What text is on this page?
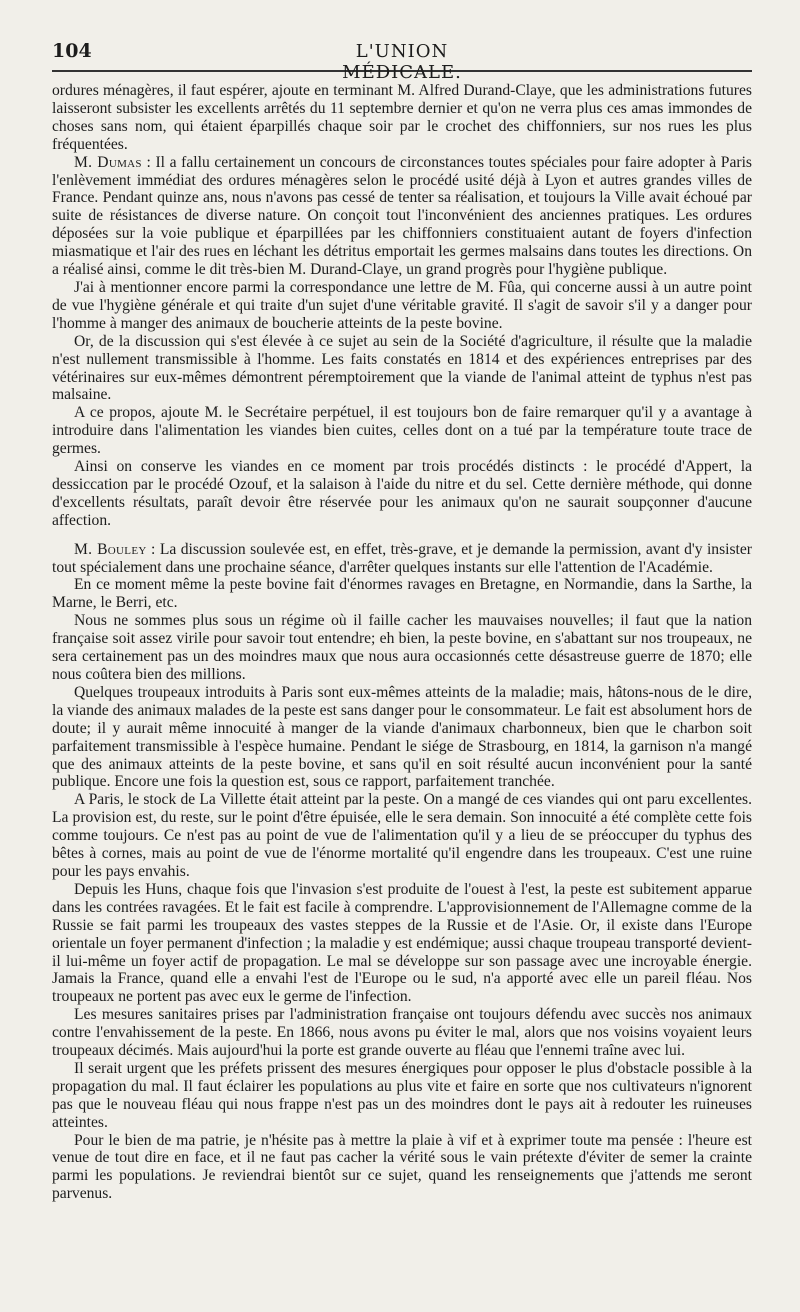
104	L'UNION MÉDICALE.

ordures ménagères, il faut espérer, ajoute en terminant M. Alfred Durand-Claye, que les administrations futures laisseront subsister les excellents arrêtés du 11 septembre dernier et qu'on ne verra plus ces amas immondes de choses sans nom, qui étaient éparpillés chaque soir par le crochet des chiffonniers, sur nos rues les plus fréquentées.

M. Dumas : Il a fallu certainement un concours de circonstances toutes spéciales pour faire adopter à Paris l'enlèvement immédiat des ordures ménagères selon le procédé usité déjà à Lyon et autres grandes villes de France. Pendant quinze ans, nous n'avons pas cessé de tenter sa réalisation, et toujours la Ville avait échoué par suite de résistances de diverse nature. On conçoit tout l'inconvénient des anciennes pratiques. Les ordures déposées sur la voie publique et éparpillées par les chiffonniers constituaient autant de foyers d'infection miasmatique et l'air des rues en léchant les détritus emportait les germes malsains dans toutes les directions. On a réalisé ainsi, comme le dit très-bien M. Durand-Claye, un grand progrès pour l'hygiène publique.

J'ai à mentionner encore parmi la correspondance une lettre de M. Fûa, qui concerne aussi à un autre point de vue l'hygiène générale et qui traite d'un sujet d'une véritable gravité. Il s'agit de savoir s'il y a danger pour l'homme à manger des animaux de boucherie atteints de la peste bovine.

Or, de la discussion qui s'est élevée à ce sujet au sein de la Société d'agriculture, il résulte que la maladie n'est nullement transmissible à l'homme. Les faits constatés en 1814 et des expériences entreprises par des vétérinaires sur eux-mêmes démontrent péremptoirement que la viande de l'animal atteint de typhus n'est pas malsaine.

A ce propos, ajoute M. le Secrétaire perpétuel, il est toujours bon de faire remarquer qu'il y a avantage à introduire dans l'alimentation les viandes bien cuites, celles dont on a tué par la température toute trace de germes.

Ainsi on conserve les viandes en ce moment par trois procédés distincts : le procédé d'Appert, la dessiccation par le procédé Ozouf, et la salaison à l'aide du nitre et du sel. Cette dernière méthode, qui donne d'excellents résultats, paraît devoir être réservée pour les animaux qu'on ne saurait soupçonner d'aucune affection.

M. Bouley : La discussion soulevée est, en effet, très-grave, et je demande la permission, avant d'y insister tout spécialement dans une prochaine séance, d'arrêter quelques instants sur elle l'attention de l'Académie.

En ce moment même la peste bovine fait d'énormes ravages en Bretagne, en Normandie, dans la Sarthe, la Marne, le Berri, etc.

Nous ne sommes plus sous un régime où il faille cacher les mauvaises nouvelles; il faut que la nation française soit assez virile pour savoir tout entendre; eh bien, la peste bovine, en s'abattant sur nos troupeaux, ne sera certainement pas un des moindres maux que nous aura occasionnés cette désastreuse guerre de 1870; elle nous coûtera bien des millions.

Quelques troupeaux introduits à Paris sont eux-mêmes atteints de la maladie; mais, hâtons-nous de le dire, la viande des animaux malades de la peste est sans danger pour le consommateur. Le fait est absolument hors de doute; il y aurait même innocuité à manger de la viande d'animaux charbonneux, bien que le charbon soit parfaitement transmissible à l'espèce humaine. Pendant le siége de Strasbourg, en 1814, la garnison n'a mangé que des animaux atteints de la peste bovine, et sans qu'il en soit résulté aucun inconvénient pour la santé publique. Encore une fois la question est, sous ce rapport, parfaitement tranchée.

A Paris, le stock de La Villette était atteint par la peste. On a mangé de ces viandes qui ont paru excellentes. La provision est, du reste, sur le point d'être épuisée, elle le sera demain. Son innocuité a été complète cette fois comme toujours. Ce n'est pas au point de vue de l'alimentation qu'il y a lieu de se préoccuper du typhus des bêtes à cornes, mais au point de vue de l'énorme mortalité qu'il engendre dans les troupeaux. C'est une ruine pour les pays envahis.

Depuis les Huns, chaque fois que l'invasion s'est produite de l'ouest à l'est, la peste est subitement apparue dans les contrées ravagées. Et le fait est facile à comprendre. L'approvisionnement de l'Allemagne comme de la Russie se fait parmi les troupeaux des vastes steppes de la Russie et de l'Asie. Or, il existe dans l'Europe orientale un foyer permanent d'infection ; la maladie y est endémique; aussi chaque troupeau transporté devient-il lui-même un foyer actif de propagation. Le mal se développe sur son passage avec une incroyable énergie. Jamais la France, quand elle a envahi l'est de l'Europe ou le sud, n'a apporté avec elle un pareil fléau. Nos troupeaux ne portent pas avec eux le germe de l'infection.

Les mesures sanitaires prises par l'administration française ont toujours défendu avec succès nos animaux contre l'envahissement de la peste. En 1866, nous avons pu éviter le mal, alors que nos voisins voyaient leurs troupeaux décimés. Mais aujourd'hui la porte est grande ouverte au fléau que l'ennemi traîne avec lui.

Il serait urgent que les préfets prissent des mesures énergiques pour opposer le plus d'obstacle possible à la propagation du mal. Il faut éclairer les populations au plus vite et faire en sorte que nos cultivateurs n'ignorent pas que le nouveau fléau qui nous frappe n'est pas un des moindres dont le pays ait à redouter les ruineuses atteintes.

Pour le bien de ma patrie, je n'hésite pas à mettre la plaie à vif et à exprimer toute ma pensée : l'heure est venue de tout dire en face, et il ne faut pas cacher la vérité sous le vain prétexte d'éviter de semer la crainte parmi les populations. Je reviendrai bientôt sur ce sujet, quand les renseignements que j'attends me seront parvenus.
